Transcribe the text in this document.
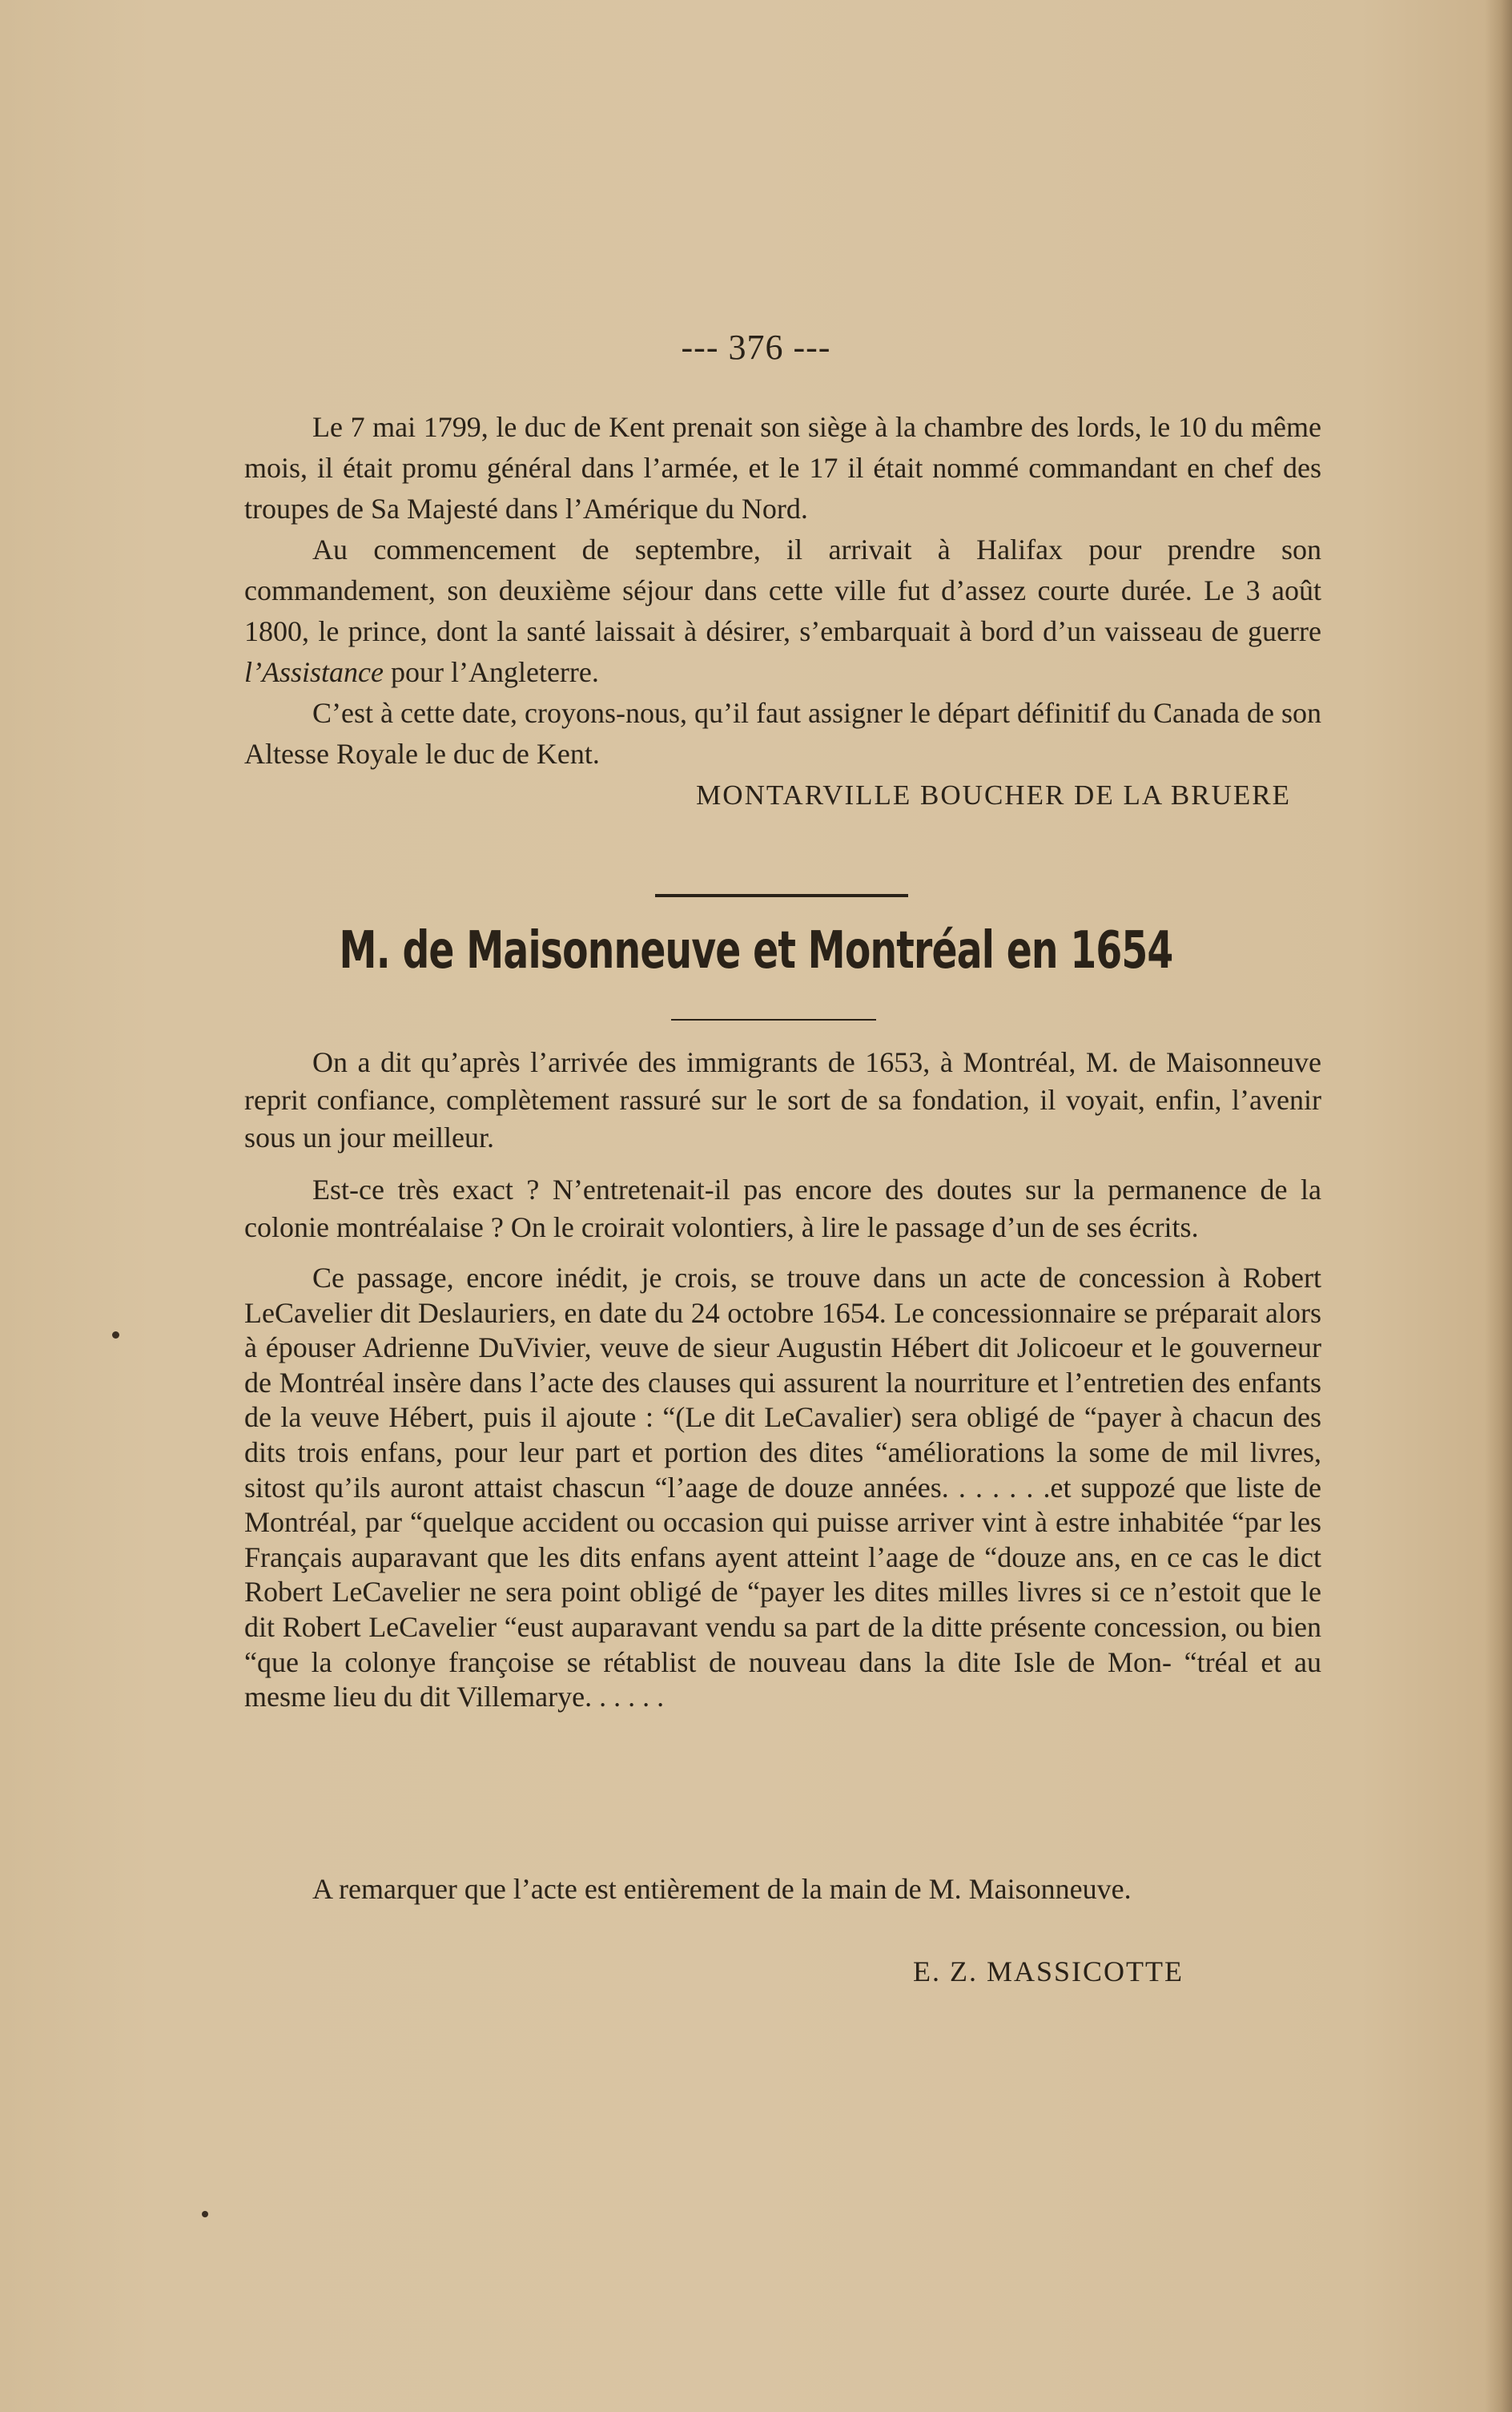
--- 376 ---

Le 7 mai 1799, le duc de Kent prenait son siège à la chambre des lords, le 10 du même mois, il était promu général dans l’armée, et le 17 il était nommé commandant en chef des troupes de Sa Majesté dans l’Amérique du Nord.

Au commencement de septembre, il arrivait à Halifax pour prendre son commandement, son deuxième séjour dans cette ville fut d’assez courte durée. Le 3 août 1800, le prince, dont la santé laissait à désirer, s’embarquait à bord d’un vaisseau de guerre l’Assistance pour l’Angleterre.

C’est à cette date, croyons-nous, qu’il faut assigner le départ définitif du Canada de son Altesse Royale le duc de Kent.

MONTARVILLE BOUCHER DE LA BRUERE

M. de Maisonneuve et Montréal en 1654

On a dit qu’après l’arrivée des immigrants de 1653, à Montréal, M. de Maisonneuve reprit confiance, complètement rassuré sur le sort de sa fondation, il voyait, enfin, l’avenir sous un jour meilleur.

Est-ce très exact ? N’entretenait-il pas encore des doutes sur la permanence de la colonie montréalaise ? On le croirait volontiers, à lire le passage d’un de ses écrits.

Ce passage, encore inédit, je crois, se trouve dans un acte de concession à Robert LeCavelier dit Deslauriers, en date du 24 octobre 1654. Le concessionnaire se préparait alors à épouser Adrienne DuVivier, veuve de sieur Augustin Hébert dit Jolicoeur et le gouverneur de Montréal insère dans l’acte des clauses qui assurent la nourriture et l’entretien des enfants de la veuve Hébert, puis il ajoute : “(Le dit LeCavalier) sera obligé de “payer à chacun des dits trois enfans, pour leur part et portion des dites “améliorations la some de mil livres, sitost qu’ils auront attaist chascun “l’aage de douze années. . . . . . .et suppozé que liste de Montréal, par “quelque accident ou occasion qui puisse arriver vint à estre inhabitée “par les Français auparavant que les dits enfans ayent atteint l’aage de “douze ans, en ce cas le dict Robert LeCavelier ne sera point obligé de “payer les dites milles livres si ce n’estoit que le dit Robert LeCavelier “eust auparavant vendu sa part de la ditte présente concession, ou bien “que la colonye françoise se rétablist de nouveau dans la dite Isle de Mon- “tréal et au mesme lieu du dit Villemarye. . . . . .

A remarquer que l’acte est entièrement de la main de M. Maisonneuve.

E. Z. MASSICOTTE
